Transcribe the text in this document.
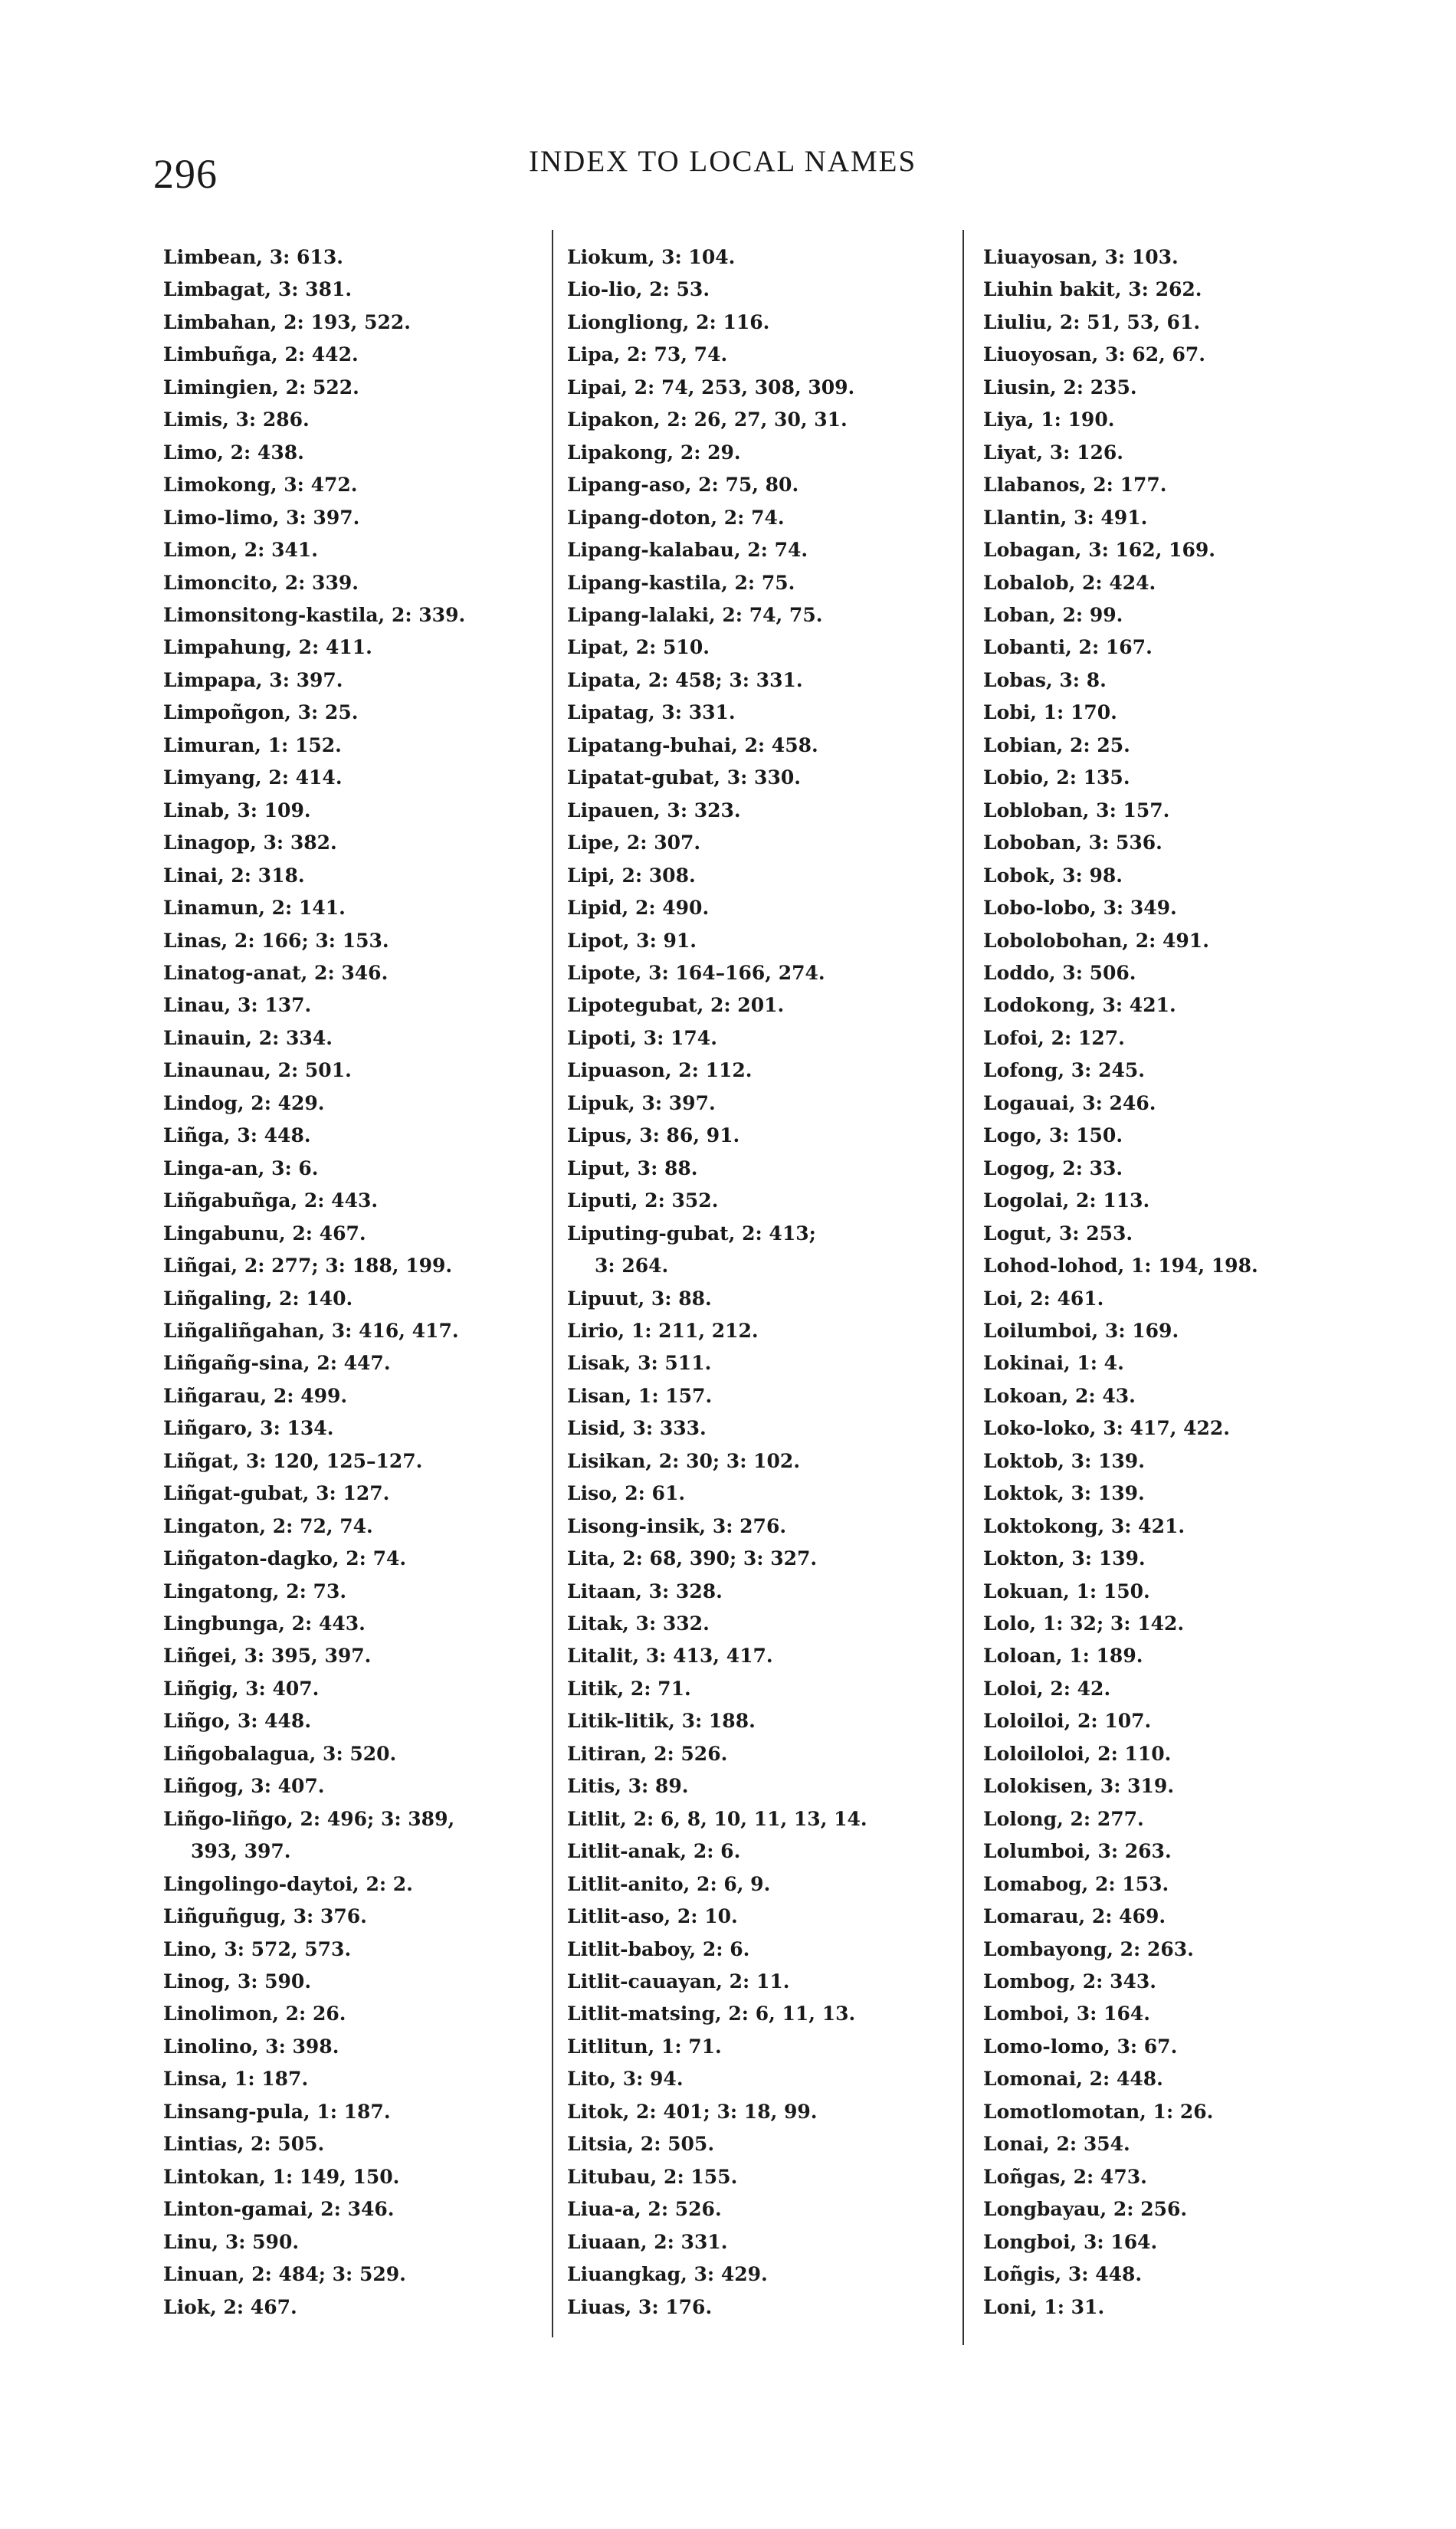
296	INDEX TO LOCAL NAMES
Limbean, 3: 613.
Limbagat, 3: 381.
Limbahan, 2: 193, 522.
Limbuñga, 2: 442.
Limingien, 2: 522.
Limis, 3: 286.
Limo, 2: 438.
Limokong, 3: 472.
Limo-limo, 3: 397.
Limon, 2: 341.
Limoncito, 2: 339.
Limonsitong-kastila, 2: 339.
Limpahung, 2: 411.
Limpapa, 3: 397.
Limpoñgon, 3: 25.
Limuran, 1: 152.
Limyang, 2: 414.
Linab, 3: 109.
Linagop, 3: 382.
Linai, 2: 318.
Linamun, 2: 141.
Linas, 2: 166; 3: 153.
Linatog-anat, 2: 346.
Linau, 3: 137.
Linauin, 2: 334.
Linaunau, 2: 501.
Lindog, 2: 429.
Liñga, 3: 448.
Linga-an, 3: 6.
Liñgabuñga, 2: 443.
Lingabunu, 2: 467.
Liñgai, 2: 277; 3: 188, 199.
Liñgaling, 2: 140.
Liñgaliñgahan, 3: 416, 417.
Liñgañg-sina, 2: 447.
Liñgarau, 2: 499.
Liñgaro, 3: 134.
Liñgat, 3: 120, 125–127.
Liñgat-gubat, 3: 127.
Lingaton, 2: 72, 74.
Liñgaton-dagko, 2: 74.
Lingatong, 2: 73.
Lingbunga, 2: 443.
Liñgei, 3: 395, 397.
Liñgig, 3: 407.
Liñgo, 3: 448.
Liñgobalagua, 3: 520.
Liñgog, 3: 407.
Liñgo-liñgo, 2: 496; 3: 389,
393, 397.
Lingolingo-daytoi, 2: 2.
Liñguñgug, 3: 376.
Lino, 3: 572, 573.
Linog, 3: 590.
Linolimon, 2: 26.
Linolino, 3: 398.
Linsa, 1: 187.
Linsang-pula, 1: 187.
Lintias, 2: 505.
Lintokan, 1: 149, 150.
Linton-gamai, 2: 346.
Linu, 3: 590.
Linuan, 2: 484; 3: 529.
Liok, 2: 467.
Liokum, 3: 104.
Lio-lio, 2: 53.
Liongliong, 2: 116.
Lipa, 2: 73, 74.
Lipai, 2: 74, 253, 308, 309.
Lipakon, 2: 26, 27, 30, 31.
Lipakong, 2: 29.
Lipang-aso, 2: 75, 80.
Lipang-doton, 2: 74.
Lipang-kalabau, 2: 74.
Lipang-kastila, 2: 75.
Lipang-lalaki, 2: 74, 75.
Lipat, 2: 510.
Lipata, 2: 458; 3: 331.
Lipatag, 3: 331.
Lipatang-buhai, 2: 458.
Lipatat-gubat, 3: 330.
Lipauen, 3: 323.
Lipe, 2: 307.
Lipi, 2: 308.
Lipid, 2: 490.
Lipot, 3: 91.
Lipote, 3: 164–166, 274.
Lipotegubat, 2: 201.
Lipoti, 3: 174.
Lipuason, 2: 112.
Lipuk, 3: 397.
Lipus, 3: 86, 91.
Liput, 3: 88.
Liputi, 2: 352.
Liputing-gubat, 2: 413;
3: 264.
Lipuut, 3: 88.
Lirio, 1: 211, 212.
Lisak, 3: 511.
Lisan, 1: 157.
Lisid, 3: 333.
Lisikan, 2: 30; 3: 102.
Liso, 2: 61.
Lisong-insik, 3: 276.
Lita, 2: 68, 390; 3: 327.
Litaan, 3: 328.
Litak, 3: 332.
Litalit, 3: 413, 417.
Litik, 2: 71.
Litik-litik, 3: 188.
Litiran, 2: 526.
Litis, 3: 89.
Litlit, 2: 6, 8, 10, 11, 13, 14.
Litlit-anak, 2: 6.
Litlit-anito, 2: 6, 9.
Litlit-aso, 2: 10.
Litlit-baboy, 2: 6.
Litlit-cauayan, 2: 11.
Litlit-matsing, 2: 6, 11, 13.
Litlitun, 1: 71.
Lito, 3: 94.
Litok, 2: 401; 3: 18, 99.
Litsia, 2: 505.
Litubau, 2: 155.
Liua-a, 2: 526.
Liuaan, 2: 331.
Liuangkag, 3: 429.
Liuas, 3: 176.
Liuayosan, 3: 103.
Liuhin bakit, 3: 262.
Liuliu, 2: 51, 53, 61.
Liuoyosan, 3: 62, 67.
Liusin, 2: 235.
Liya, 1: 190.
Liyat, 3: 126.
Llabanos, 2: 177.
Llantin, 3: 491.
Lobagan, 3: 162, 169.
Lobalob, 2: 424.
Loban, 2: 99.
Lobanti, 2: 167.
Lobas, 3: 8.
Lobi, 1: 170.
Lobian, 2: 25.
Lobio, 2: 135.
Lobloban, 3: 157.
Loboban, 3: 536.
Lobok, 3: 98.
Lobo-lobo, 3: 349.
Lobolobohan, 2: 491.
Loddo, 3: 506.
Lodokong, 3: 421.
Lofoi, 2: 127.
Lofong, 3: 245.
Logauai, 3: 246.
Logo, 3: 150.
Logog, 2: 33.
Logolai, 2: 113.
Logut, 3: 253.
Lohod-lohod, 1: 194, 198.
Loi, 2: 461.
Loilumboi, 3: 169.
Lokinai, 1: 4.
Lokoan, 2: 43.
Loko-loko, 3: 417, 422.
Loktob, 3: 139.
Loktok, 3: 139.
Loktokong, 3: 421.
Lokton, 3: 139.
Lokuan, 1: 150.
Lolo, 1: 32; 3: 142.
Loloan, 1: 189.
Loloi, 2: 42.
Loloiloi, 2: 107.
Loloiloloi, 2: 110.
Lolokisen, 3: 319.
Lolong, 2: 277.
Lolumboi, 3: 263.
Lomabog, 2: 153.
Lomarau, 2: 469.
Lombayong, 2: 263.
Lombog, 2: 343.
Lomboi, 3: 164.
Lomo-lomo, 3: 67.
Lomonai, 2: 448.
Lomotlomotan, 1: 26.
Lonai, 2: 354.
Loñgas, 2: 473.
Longbayau, 2: 256.
Longboi, 3: 164.
Loñgis, 3: 448.
Loni, 1: 31.
